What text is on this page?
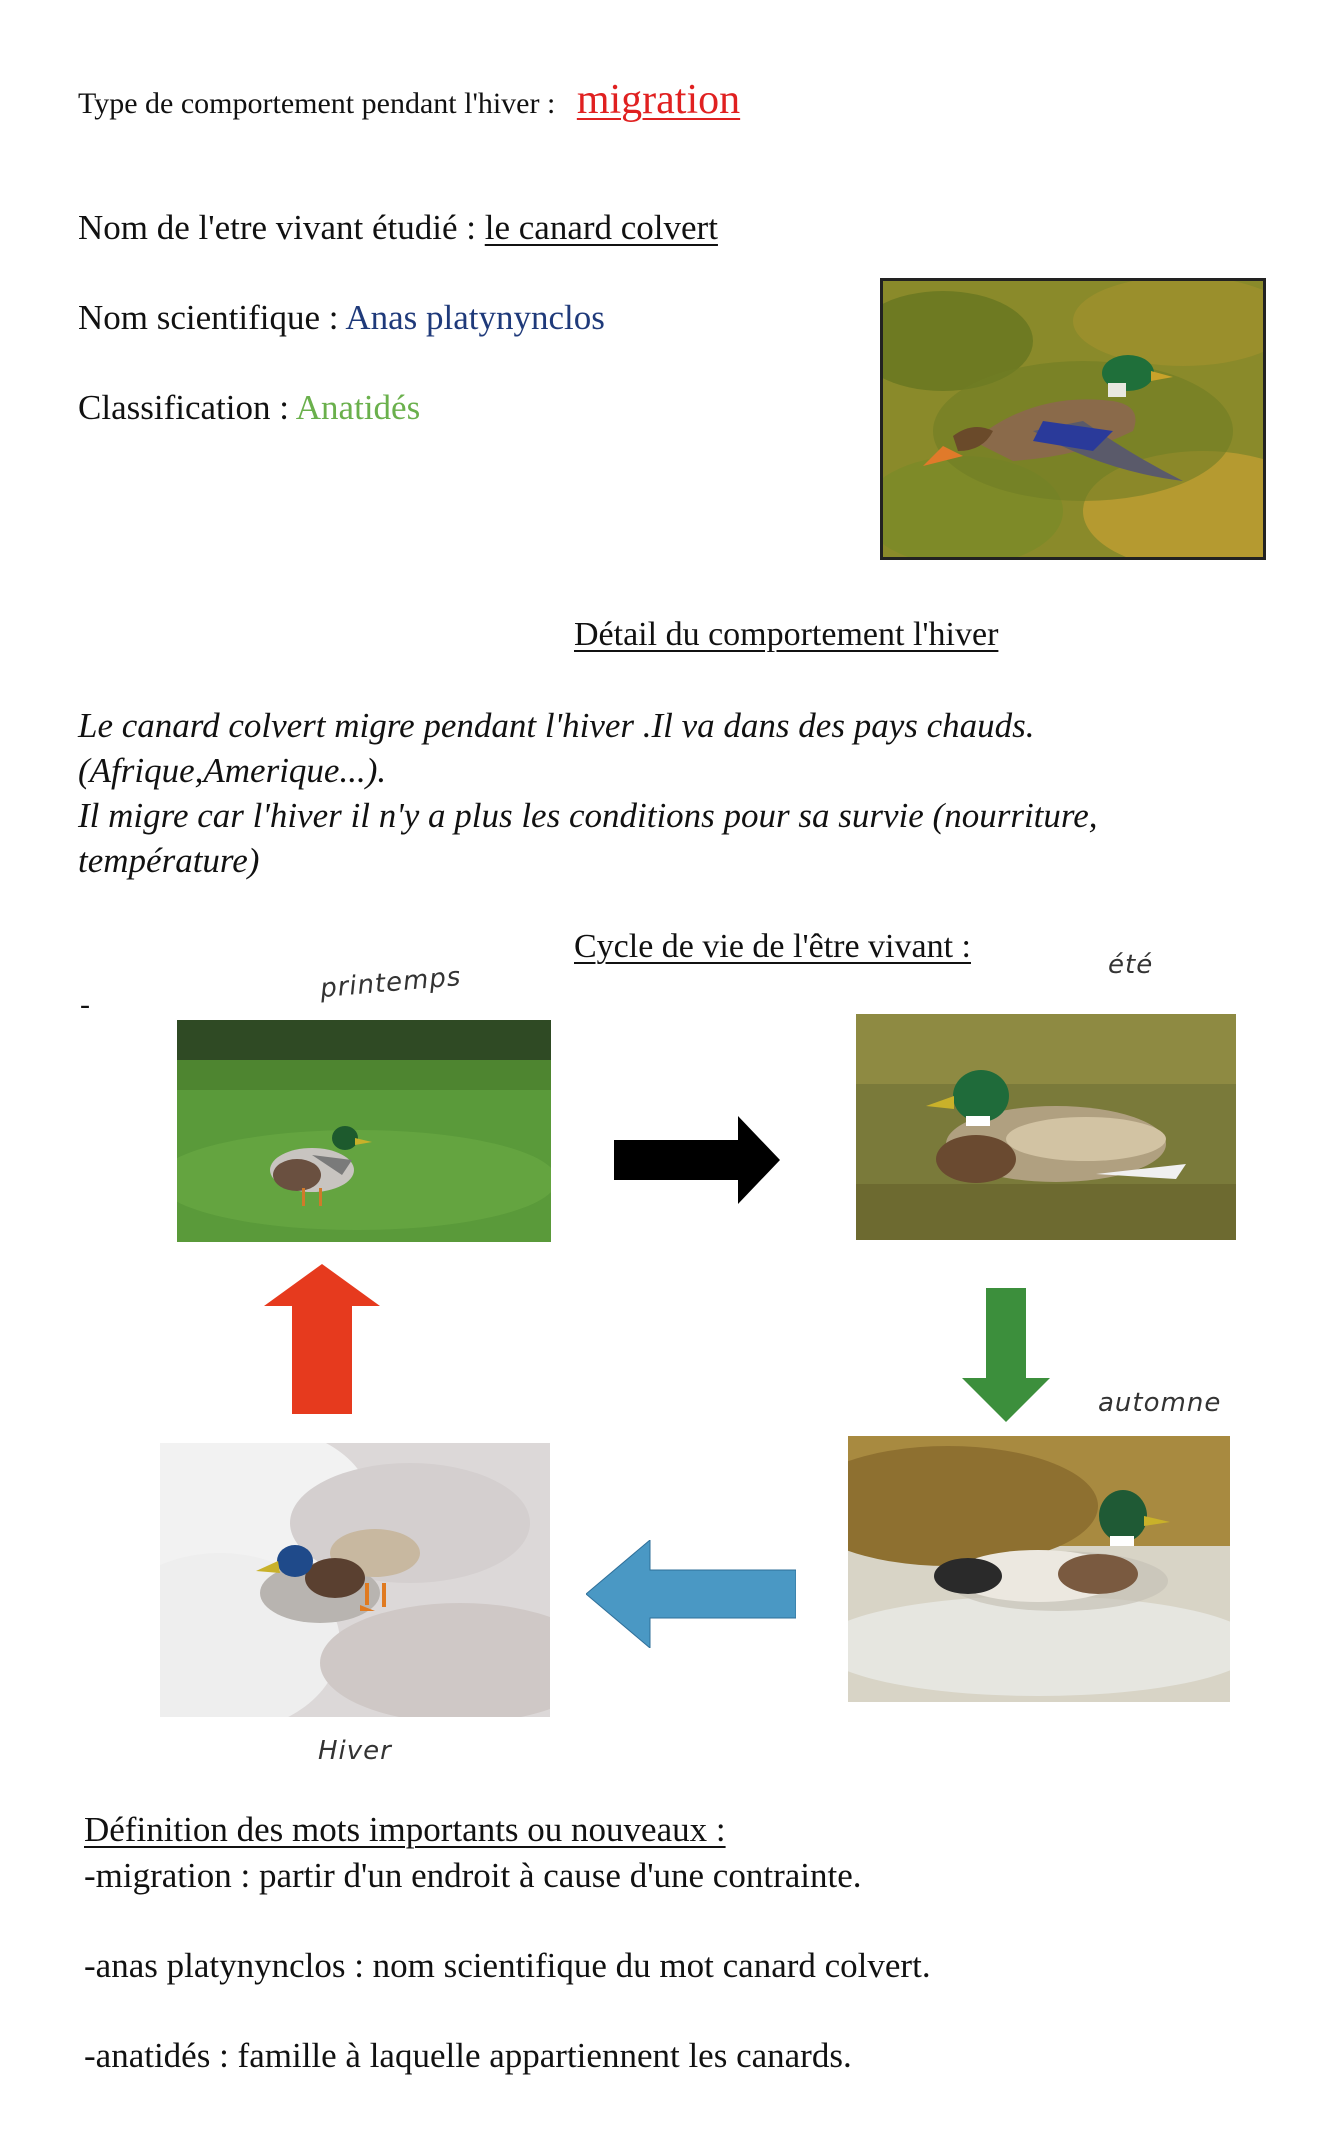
Type de comportement pendant l'hiver : migration
Nom de l'etre vivant étudié : le canard colvert
Nom scientifique : Anas platynynclos
Classification : Anatidés
Détail du comportement l'hiver
Le canard colvert migre pendant l'hiver .Il va dans des pays chauds.
(Afrique,Amerique...).
Il migre car l'hiver il n'y a plus les conditions pour sa survie (nourriture,
température)
Cycle de vie de l'être vivant :
-
printemps	été
automne
Hiver
Définition des mots importants ou nouveaux :
-migration : partir d'un endroit à cause d'une contrainte.
-anas platynynclos : nom scientifique du mot canard colvert.
-anatidés : famille à laquelle appartiennent les canards.
